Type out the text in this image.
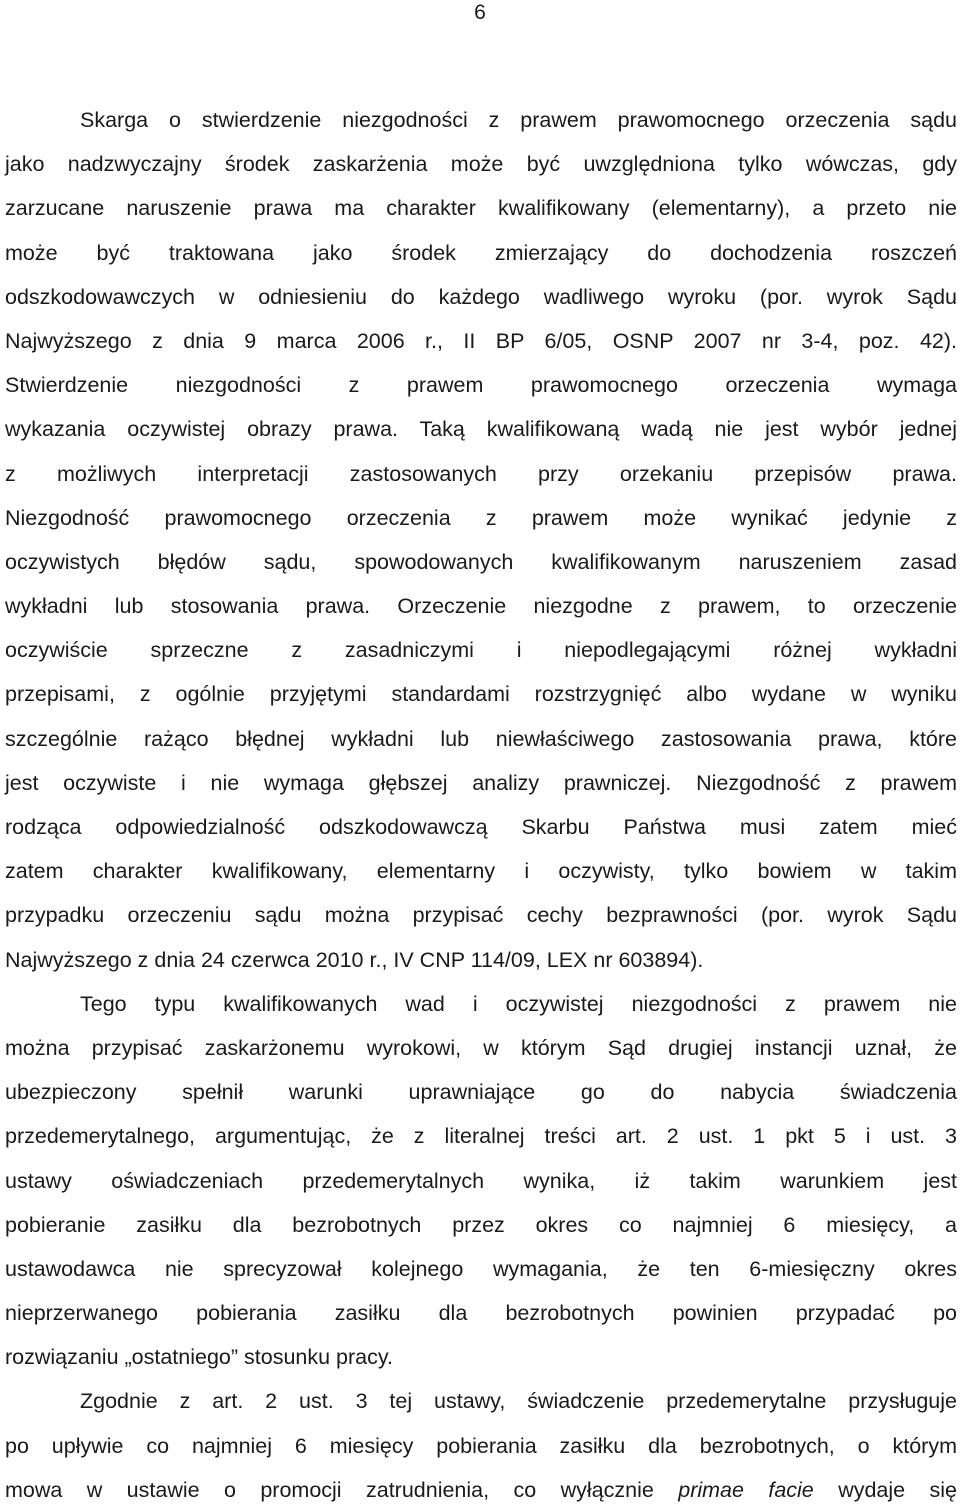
6
Skarga o stwierdzenie niezgodności z prawem prawomocnego orzeczenia sądu
jako nadzwyczajny środek zaskarżenia może być uwzględniona tylko wówczas, gdy
zarzucane naruszenie prawa ma charakter kwalifikowany (elementarny), a przeto nie
może być traktowana jako środek zmierzający do dochodzenia roszczeń
odszkodowawczych w odniesieniu do każdego wadliwego wyroku (por. wyrok Sądu
Najwyższego z dnia 9 marca 2006 r., II BP 6/05, OSNP 2007 nr 3-4, poz. 42).
Stwierdzenie niezgodności z prawem prawomocnego orzeczenia wymaga
wykazania oczywistej obrazy prawa. Taką kwalifikowaną wadą nie jest wybór jednej
z możliwych interpretacji zastosowanych przy orzekaniu przepisów prawa.
Niezgodność prawomocnego orzeczenia z prawem może wynikać jedynie z
oczywistych błędów sądu, spowodowanych kwalifikowanym naruszeniem zasad
wykładni lub stosowania prawa. Orzeczenie niezgodne z prawem, to orzeczenie
oczywiście sprzeczne z zasadniczymi i niepodlegającymi różnej wykładni
przepisami, z ogólnie przyjętymi standardami rozstrzygnięć albo wydane w wyniku
szczególnie rażąco błędnej wykładni lub niewłaściwego zastosowania prawa, które
jest oczywiste i nie wymaga głębszej analizy prawniczej. Niezgodność z prawem
rodząca odpowiedzialność odszkodowawczą Skarbu Państwa musi zatem mieć
zatem charakter kwalifikowany, elementarny i oczywisty, tylko bowiem w takim
przypadku orzeczeniu sądu można przypisać cechy bezprawności (por. wyrok Sądu
Najwyższego z dnia 24 czerwca 2010 r., IV CNP 114/09, LEX nr 603894).
Tego typu kwalifikowanych wad i oczywistej niezgodności z prawem nie
można przypisać zaskarżonemu wyrokowi, w którym Sąd drugiej instancji uznał, że
ubezpieczony spełnił warunki uprawniające go do nabycia świadczenia
przedemerytalnego, argumentując, że z literalnej treści art. 2 ust. 1 pkt 5 i ust. 3
ustawy oświadczeniach przedemerytalnych wynika, iż takim warunkiem jest
pobieranie zasiłku dla bezrobotnych przez okres co najmniej 6 miesięcy, a
ustawodawca nie sprecyzował kolejnego wymagania, że ten 6-miesięczny okres
nieprzerwanego pobierania zasiłku dla bezrobotnych powinien przypadać po
rozwiązaniu „ostatniego” stosunku pracy.
Zgodnie z art. 2 ust. 3 tej ustawy, świadczenie przedemerytalne przysługuje
po upływie co najmniej 6 miesięcy pobierania zasiłku dla bezrobotnych, o którym
mowa w ustawie o promocji zatrudnienia, co wyłącznie primae facie wydaje się
